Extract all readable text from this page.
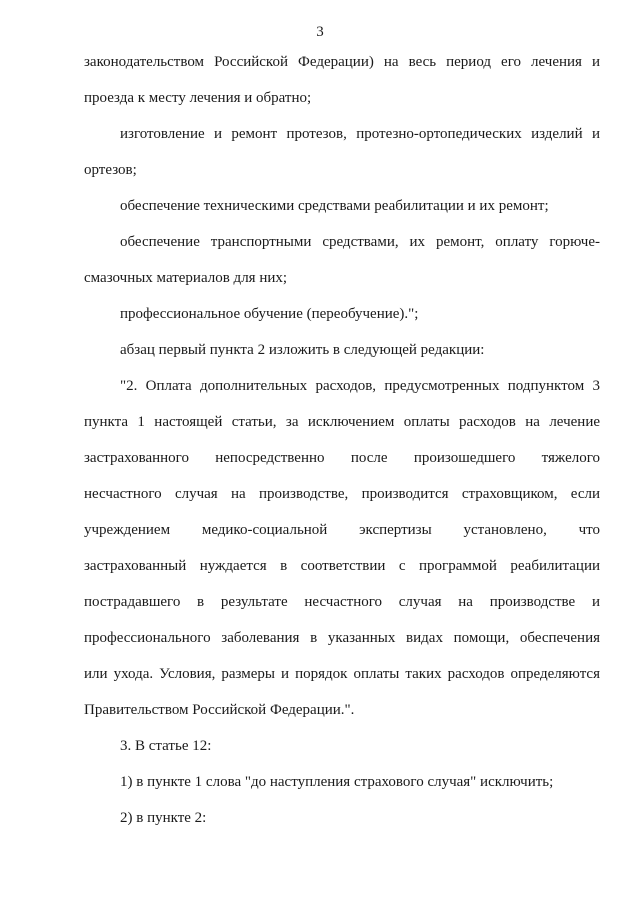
3
законодательством Российской Федерации) на весь период его лечения и
проезда к месту лечения и обратно;
изготовление и ремонт протезов, протезно-ортопедических изделий и
ортезов;
обеспечение техническими средствами реабилитации и их ремонт;
обеспечение транспортными средствами, их ремонт, оплату горюче-
смазочных материалов для них;
профессиональное обучение (переобучение).";
абзац первый пункта 2 изложить в следующей редакции:
"2. Оплата дополнительных расходов, предусмотренных подпунктом 3
пункта 1 настоящей статьи, за исключением оплаты расходов на лечение
застрахованного непосредственно после произошедшего тяжелого
несчастного случая на производстве, производится страховщиком, если
учреждением медико-социальной экспертизы установлено, что
застрахованный нуждается в соответствии с программой реабилитации
пострадавшего в результате несчастного случая на производстве и
профессионального заболевания в указанных видах помощи, обеспечения
или ухода. Условия, размеры и порядок оплаты таких расходов определяются
Правительством Российской Федерации.".
3. В статье 12:
1) в пункте 1 слова "до наступления страхового случая" исключить;
2) в пункте 2:
